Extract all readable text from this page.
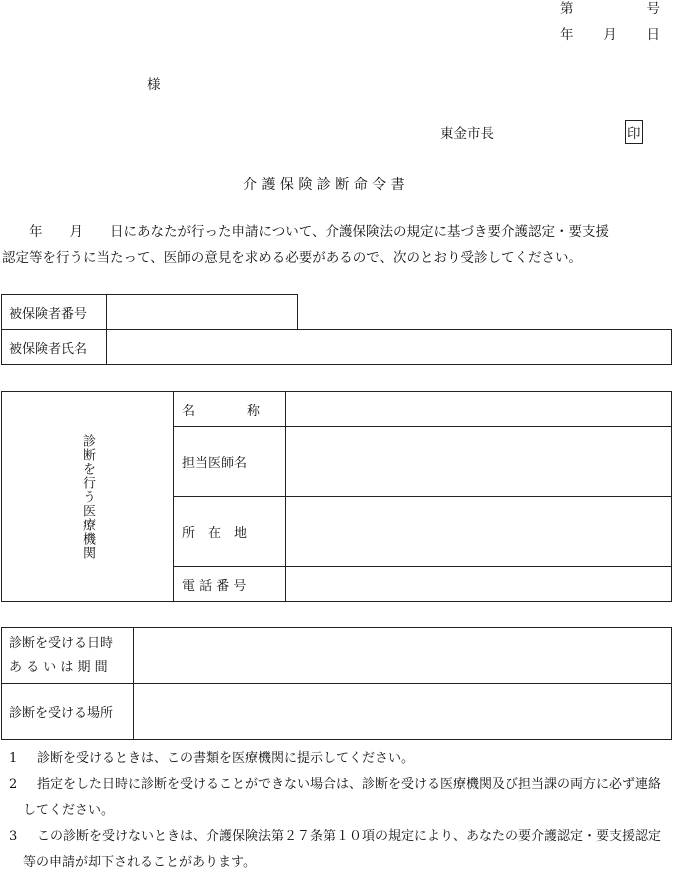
第	号
年 月 日
様
東金市長	印
介 護 保 険 診 断 命 令 書
　　年　　月　　日にあなたが行った申請について、介護保険法の規定に基づき要介護認定・要支援
認定等を行うに当たって、医師の意見を求める必要があるので、次のとおり受診してください。
被保険者番号		
被保険者氏名		
診断を行う医療機関	名　　　　称	
	担当医師名	
	所　在　地	
	電 話 番 号	
診断を受ける日時
あ る い は 期 間	

診断を受ける場所	
1	診断を受けるときは、この書類を医療機関に提示してください。
2	指定をした日時に診断を受けることができない場合は、診断を受ける医療機関及び担当課の両方に必ず連絡してください。
3	この診断を受けないときは、介護保険法第２７条第１０項の規定により、あなたの要介護認定・要支援認定等の申請が却下されることがあります。
